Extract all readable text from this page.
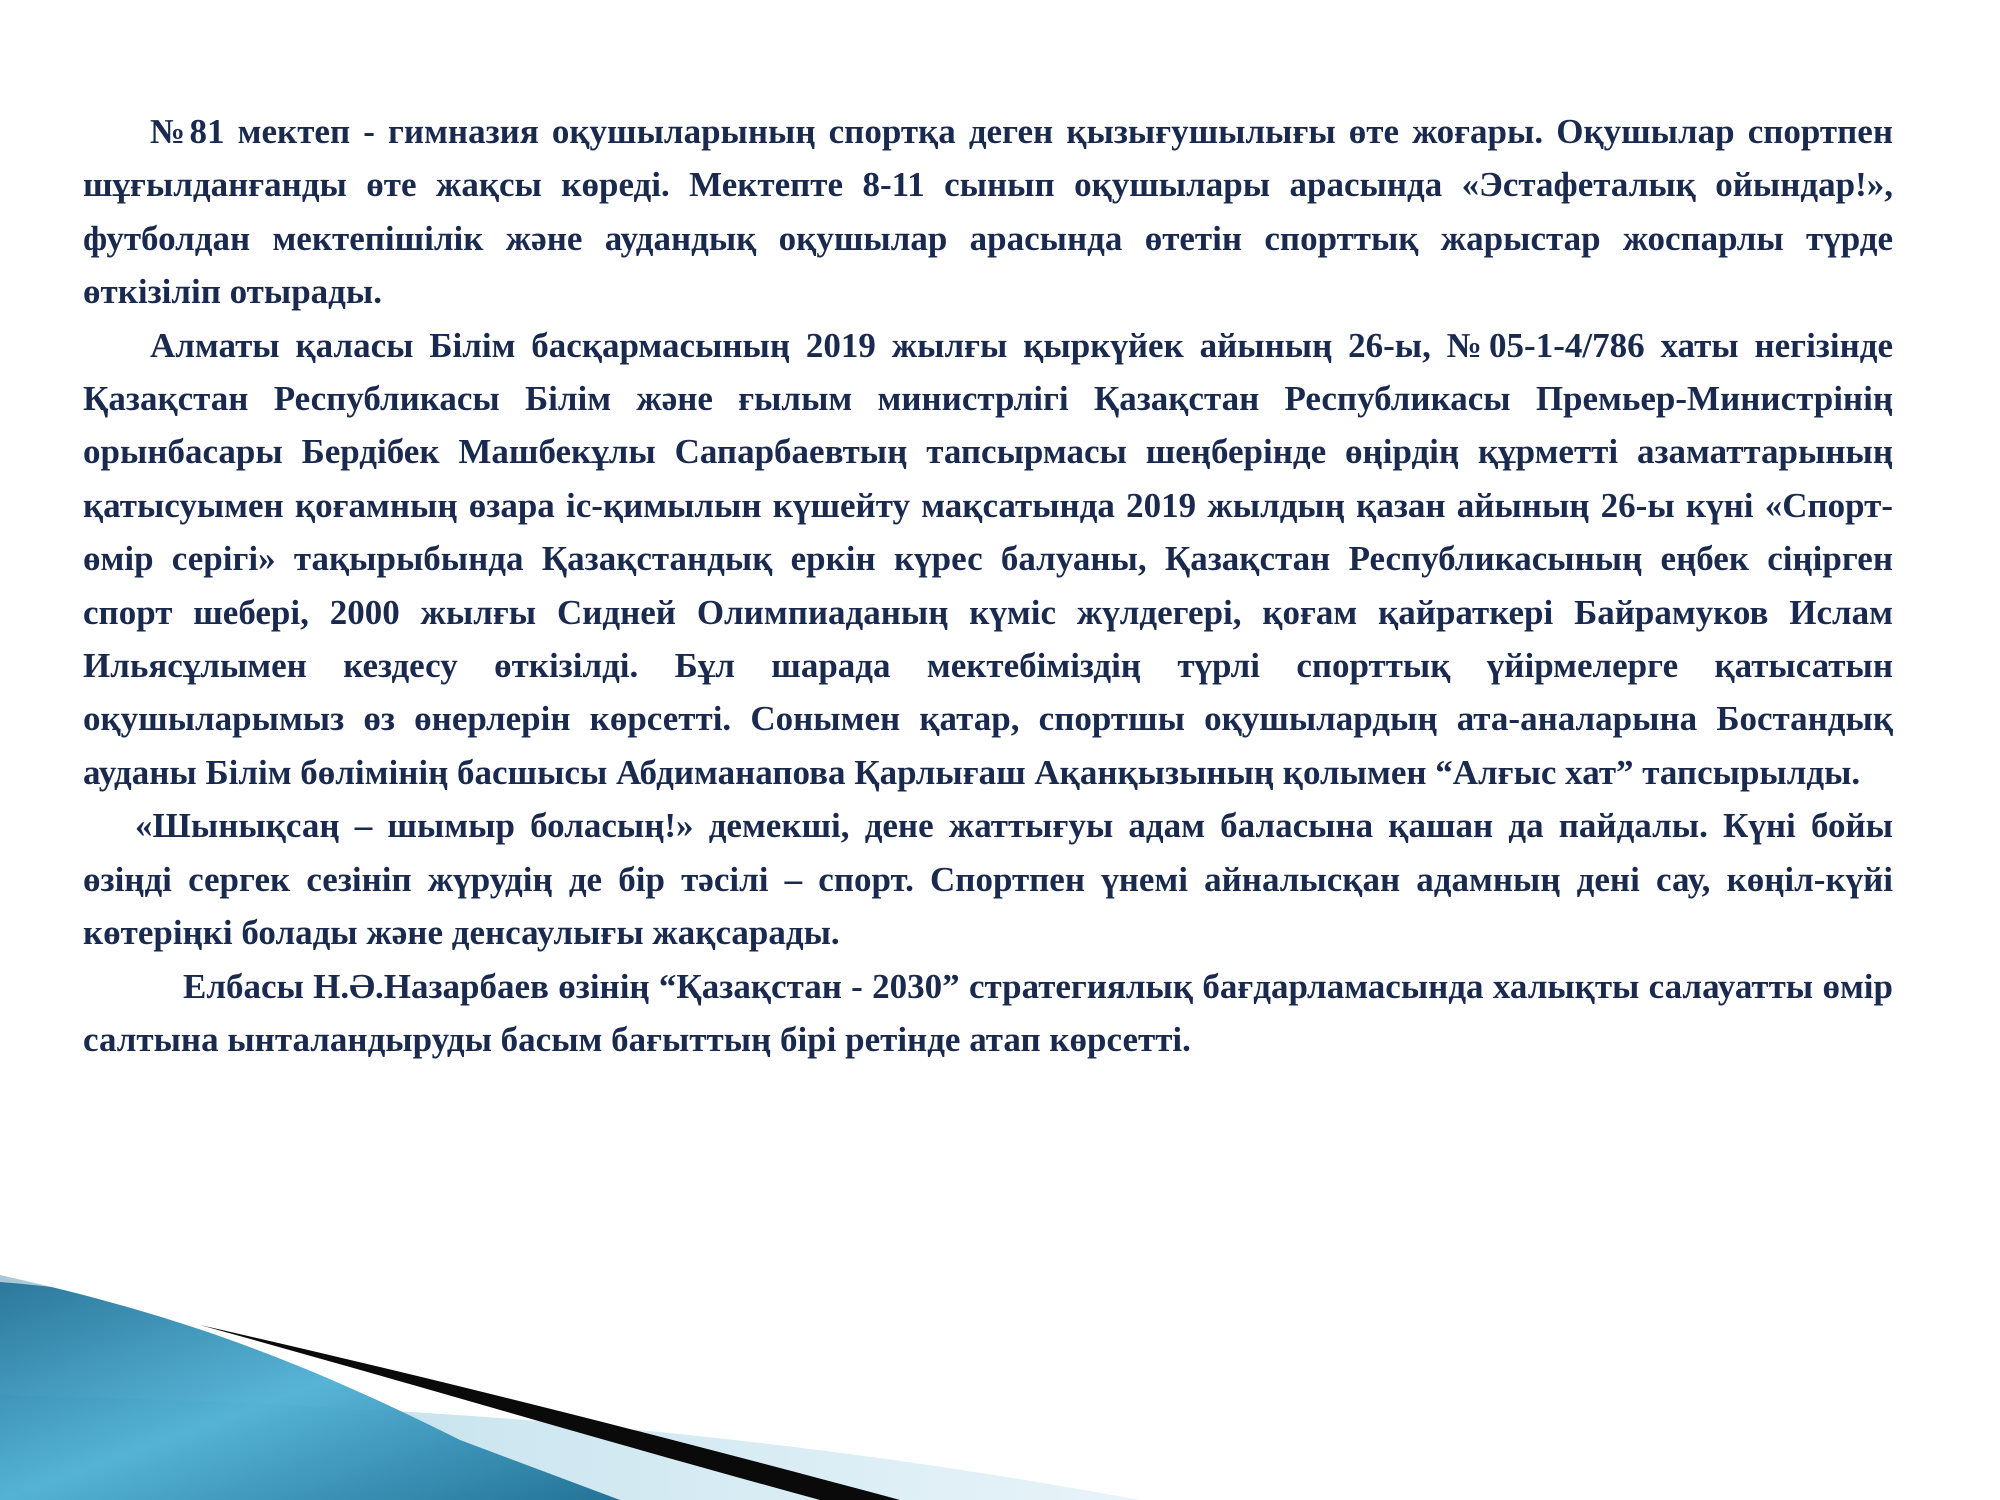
№81 мектеп - гимназия оқушыларының спортқа деген қызығушылығы өте жоғары. Оқушылар спортпен шұғылданғанды өте жақсы көреді. Мектепте 8-11 сынып оқушылары арасында «Эстафеталық ойындар!», футболдан мектепішілік және аудандық оқушылар арасында өтетін спорттық жарыстар жоспарлы түрде өткізіліп отырады.

Алматы қаласы Білім басқармасының 2019 жылғы қыркүйек айының 26-ы, №05-1-4/786 хаты негізінде Қазақстан Республикасы Білім және ғылым министрлігі Қазақстан Республикасы Премьер-Министрінің орынбасары Бердібек Машбекұлы Сапарбаевтың тапсырмасы шеңберінде өңірдің құрметті азаматтарының қатысуымен қоғамның өзара іс-қимылын күшейту мақсатында 2019 жылдың қазан айының 26-ы күні «Спорт-өмір серігі» тақырыбында Қазақстандық еркін күрес балуаны, Қазақстан Республикасының еңбек сіңірген спорт шебері, 2000 жылғы Сидней Олимпиаданың күміс жүлдегері, қоғам қайраткері Байрамуков Ислам Ильясұлымен кездесу өткізілді. Бұл шарада мектебіміздің түрлі спорттық үйірмелерге қатысатын оқушыларымыз өз өнерлерін көрсетті. Сонымен қатар, спортшы оқушылардың ата-аналарына Бостандық ауданы Білім бөлімінің басшысы Абдиманапова Қарлығаш Ақанқызының қолымен “Алғыс хат” тапсырылды.

«Шынықсаң – шымыр боласың!» демекші, дене жаттығуы адам баласына қашан да пайдалы. Күні бойы өзіңді сергек сезініп жүрудің де бір тәсілі – спорт. Спортпен үнемі айналысқан адамның дені сау, көңіл-күйі көтеріңкі болады және денсаулығы жақсарады.

Елбасы Н.Ә.Назарбаев өзінің “Қазақстан - 2030” стратегиялық бағдарламасында халықты салауатты өмір салтына ынталандыруды басым бағыттың бірі ретінде атап көрсетті.
